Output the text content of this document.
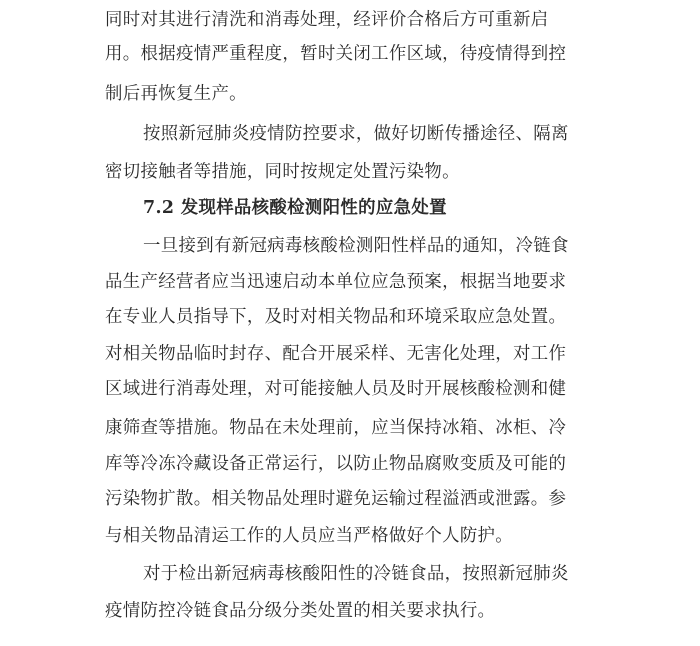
同时对其进行清洗和消毒处理，经评价合格后方可重新启
用。根据疫情严重程度，暂时关闭工作区域，待疫情得到控
制后再恢复生产。
按照新冠肺炎疫情防控要求，做好切断传播途径、隔离
密切接触者等措施，同时按规定处置污染物。
7.2 发现样品核酸检测阳性的应急处置
一旦接到有新冠病毒核酸检测阳性样品的通知，冷链食
品生产经营者应当迅速启动本单位应急预案，根据当地要求
在专业人员指导下，及时对相关物品和环境采取应急处置。
对相关物品临时封存、配合开展采样、无害化处理，对工作
区域进行消毒处理，对可能接触人员及时开展核酸检测和健
康筛查等措施。物品在未处理前，应当保持冰箱、冰柜、冷
库等冷冻冷藏设备正常运行，以防止物品腐败变质及可能的
污染物扩散。相关物品处理时避免运输过程溢洒或泄露。参
与相关物品清运工作的人员应当严格做好个人防护。
对于检出新冠病毒核酸阳性的冷链食品，按照新冠肺炎
疫情防控冷链食品分级分类处置的相关要求执行。
